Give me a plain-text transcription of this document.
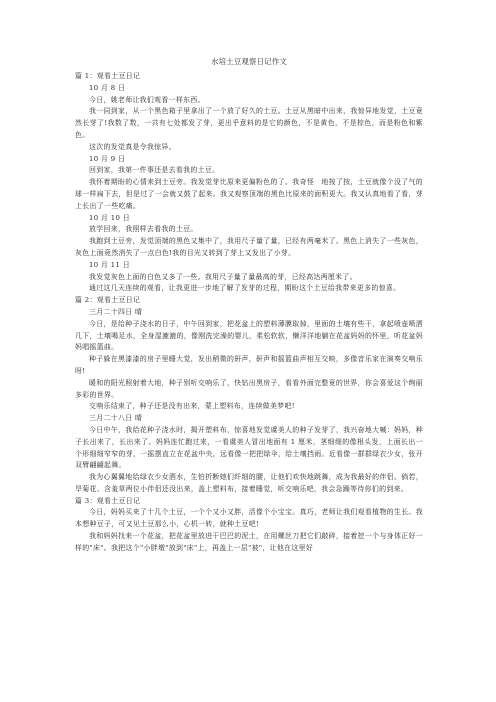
水培土豆观察日记作文

篇 1：观看土豆日记

10 月 8 日

今日，姚老师让我们观看一样东西。

我一同到家，从一个黑色箱子里拿出了一个放了好久的土豆。土豆从黑暗中出来，我惊异地发觉，土豆竟然长芽了!我数了数，一共有七处都发了芽，更出乎意料的是它的颜色，不是黄色，不是棕色，而是粉色和紫色。

这次的发觉真是令我惊异。

10 月 9 日

回到家，我第一件事还是去看我的土豆。

我怀着期盼的心情来到土豆旁。我发觉芽比原来更偏粉色的了。我奇怪　地按了按，土豆就像个没了气的球一样扁下去，但是过了一会就又鼓了起来。我又观察顶端的黑色比原来的面积更大。我又认真地看了看，芽上长出了一些吃痛。

10 月 10 日

放学回来，我照样去看我的土豆。

我跑到土豆旁，发觉顶端的黑色又集中了，我用尺子量了量，已经有两毫米了。黑色上消失了一些灰色，灰色上面竟然消失了一点白色!我的目光又转到了芽上又发出了小芽。

10 月 11 日

我发觉灰色上面的白色又多了一些。我用尺子量了量最高的芽，已经高达两厘米了。

通过这几天连续的观看，让我更进一步地了解了发芽的过程，期盼这个土豆给我带来更多的惊喜。

篇 2：观看土豆日记

三月二十四日 晴

今日，是给种子浇水的日子，中午回到家，把花盆上的塑料薄膜取掉，里面的土壤有些干，拿起喷壶喷洒几下，土壤喝足水，全身湿漉漉的，像刚洗完澡的婴儿，柔松软软，懒洋洋地躺在花盆妈妈的怀里，听花盆妈妈唱摇篮曲。

种子躲在黑漆漆的房子里睡大觉，发出稍微的鼾声，鼾声和摇篮曲声相互交映，多像音乐家在演奏交响乐呀!

暖和的阳光照射着大地，种子别听交响乐了，快钻出黑房子，看看外面完整竟的世界，你会喜爱这个绚丽多彩的世界。

交响乐结束了，种子还是没有出来，蒙上塑料布，连续做美梦吧!

三月二十八日 晴

今日中午，我给花种子浇水时，揭开塑料布，惊喜地发觉虞美人的种子发芽了，我兴奋地大喊：妈妈，种子长出来了，长出来了。妈妈连忙跑过来，一看虞美人冒出地面有 1 厘米，茎细细的像根头发，上面长出一个形细细窄窄的芽，一摇摆直立在花盆中央，远看像一把把绿伞，给土壤挡雨。近看像一群群绿衣少女，张开双臂翩翩起舞。

我为心翼翼地给绿衣少女洒水，生怕折断她们纤细的腰，让他们欢快地跳舞，成为我最好的伴侣。倘若，旱菊花、含羞草两位小伴侣还没出来，盖上塑料布，接着睡觉，听交响乐吧，我会急躁等待你们的到来。

篇 3：观看土豆日记

今日，妈妈买来了十几个土豆，一个个又小又胖，活像个小宝宝。真巧，老师让我们观看植物的生长。我本想种豆子，可又见土豆那么小，心机一转，就种土豆吧!

我和妈妈找来一个花盆，把花盆里放进干巴巴的泥土，在用螺丝刀把它们敲碎，接着挖一个与身体正好一样的"床"。我把这个"小胖墩"放到"床"上，再盖上一层"被"，让他在这里好
